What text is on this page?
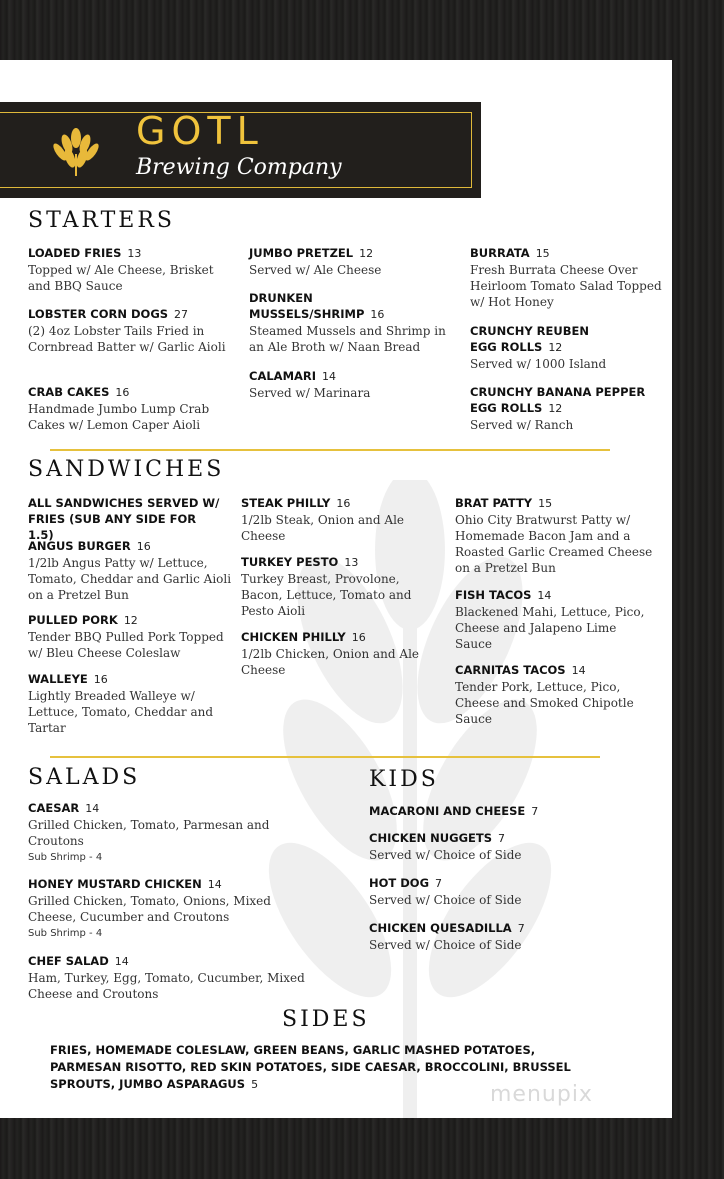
GOTL
Brewing Company
STARTERS
LOADED FRIES 13
Topped w/ Ale Cheese, Brisket and BBQ Sauce
LOBSTER CORN DOGS 27
(2) 4oz Lobster Tails Fried in Cornbread Batter w/ Garlic Aioli
CRAB CAKES 16
Handmade Jumbo Lump Crab Cakes w/ Lemon Caper Aioli
JUMBO PRETZEL 12
Served w/ Ale Cheese
DRUNKEN MUSSELS/SHRIMP 16
Steamed Mussels and Shrimp in an Ale Broth w/ Naan Bread
CALAMARI 14
Served w/ Marinara
BURRATA 15
Fresh Burrata Cheese Over Heirloom Tomato Salad Topped w/ Hot Honey
CRUNCHY REUBEN EGG ROLLS 12
Served w/ 1000 Island
CRUNCHY BANANA PEPPER EGG ROLLS 12
Served w/ Ranch
SANDWICHES
ALL SANDWICHES SERVED W/ FRIES (SUB ANY SIDE FOR 1.5)
ANGUS BURGER 16
1/2lb Angus Patty w/ Lettuce, Tomato, Cheddar and Garlic Aioli on a Pretzel Bun
PULLED PORK 12
Tender BBQ Pulled Pork Topped w/ Bleu Cheese Coleslaw
WALLEYE 16
Lightly Breaded Walleye w/ Lettuce, Tomato, Cheddar and Tartar
STEAK PHILLY 16
1/2lb Steak, Onion and Ale Cheese
TURKEY PESTO 13
Turkey Breast, Provolone, Bacon, Lettuce, Tomato and Pesto Aioli
CHICKEN PHILLY 16
1/2lb Chicken, Onion and Ale Cheese
BRAT PATTY 15
Ohio City Bratwurst Patty w/ Homemade Bacon Jam and a Roasted Garlic Creamed Cheese on a Pretzel Bun
FISH TACOS 14
Blackened Mahi, Lettuce, Pico, Cheese and Jalapeno Lime Sauce
CARNITAS TACOS 14
Tender Pork, Lettuce, Pico, Cheese and Smoked Chipotle Sauce
SALADS
CAESAR 14
Grilled Chicken, Tomato, Parmesan and Croutons
Sub Shrimp - 4
HONEY MUSTARD CHICKEN 14
Grilled Chicken, Tomato, Onions, Mixed Cheese, Cucumber and Croutons
Sub Shrimp - 4
CHEF SALAD 14
Ham, Turkey, Egg, Tomato, Cucumber, Mixed Cheese and Croutons
KIDS
MACARONI AND CHEESE 7
CHICKEN NUGGETS 7
Served w/ Choice of Side
HOT DOG 7
Served w/ Choice of Side
CHICKEN QUESADILLA 7
Served w/ Choice of Side
SIDES
FRIES, HOMEMADE COLESLAW, GREEN BEANS, GARLIC MASHED POTATOES, PARMESAN RISOTTO, RED SKIN POTATOES, SIDE CAESAR, BROCCOLINI, BRUSSEL SPROUTS, JUMBO ASPARAGUS 5	menupix
